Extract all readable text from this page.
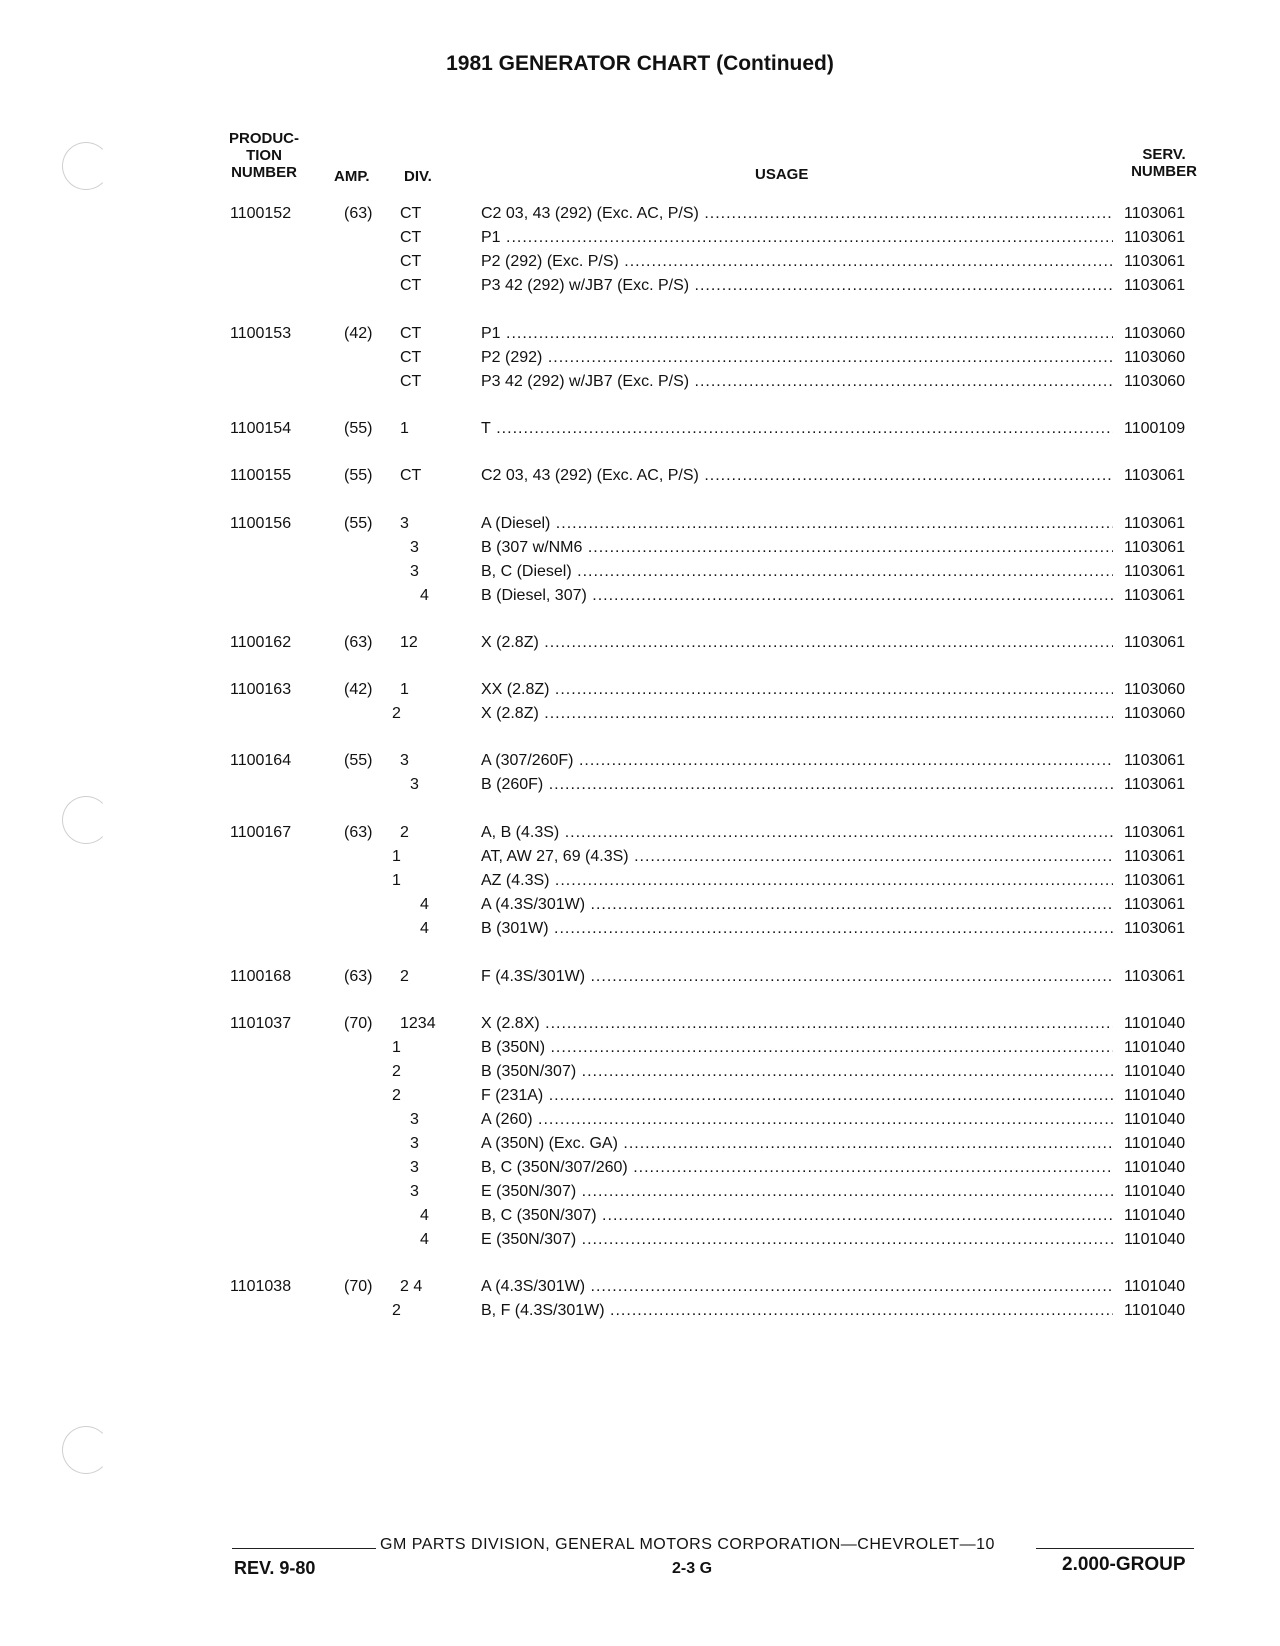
1981 GENERATOR CHART (Continued)
PRODUC-
TION
NUMBER	AMP. DIV.	USAGE
SERV.
NUMBER
1100152	(63) CT	C2 03, 43 (292) (Exc. AC, P/S) .....	1103061
CT	P1 .....	1103061
CT	P2 (292) (Exc. P/S) .....	1103061
CT	P3 42 (292) w/JB7 (Exc. P/S) .....	1103061
1100153	(42) CT	P1 .....	1103060
CT	P2 (292) .....	1103060
CT	P3 42 (292) w/JB7 (Exc. P/S) .....	1103060
1100154	(55) 1	T .....	1100109
1100155	(55) CT	C2 03, 43 (292) (Exc. AC, P/S) .....	1103061
1100156	(55) 3	A (Diesel) .....	1103061
3	B (307 w/NM6 .....	1103061
3	B, C (Diesel) .....	1103061
4	B (Diesel, 307) .....	1103061
1100162	(63) 12	X (2.8Z) .....	1103061
1100163	(42) 1	XX (2.8Z) .....	1103060
2	X (2.8Z) .....	1103060
1100164	(55) 3	A (307/260F) .....	1103061
3	B (260F) .....	1103061
1100167	(63) 2	A, B (4.3S) .....	1103061
1	AT, AW 27, 69 (4.3S) .....	1103061
1	AZ (4.3S) .....	1103061
4	A (4.3S/301W) .....	1103061
4	B (301W) .....	1103061
1100168	(63) 2	F (4.3S/301W) .....	1103061
1101037	(70) 1234	X (2.8X) .....	1101040
1	B (350N) .....	1101040
2	B (350N/307) .....	1101040
2	F (231A) .....	1101040
3	A (260) .....	1101040
3	A (350N) (Exc. GA) .....	1101040
3	B, C (350N/307/260) .....	1101040
3	E (350N/307) .....	1101040
4	B, C (350N/307) .....	1101040
4	E (350N/307) .....	1101040
1101038	(70) 2 4	A (4.3S/301W) .....	1101040
2	B, F (4.3S/301W) .....	1101040
GM PARTS DIVISION, GENERAL MOTORS CORPORATION—CHEVROLET—10
REV. 9-80	2-3 G	2.000-GROUP
